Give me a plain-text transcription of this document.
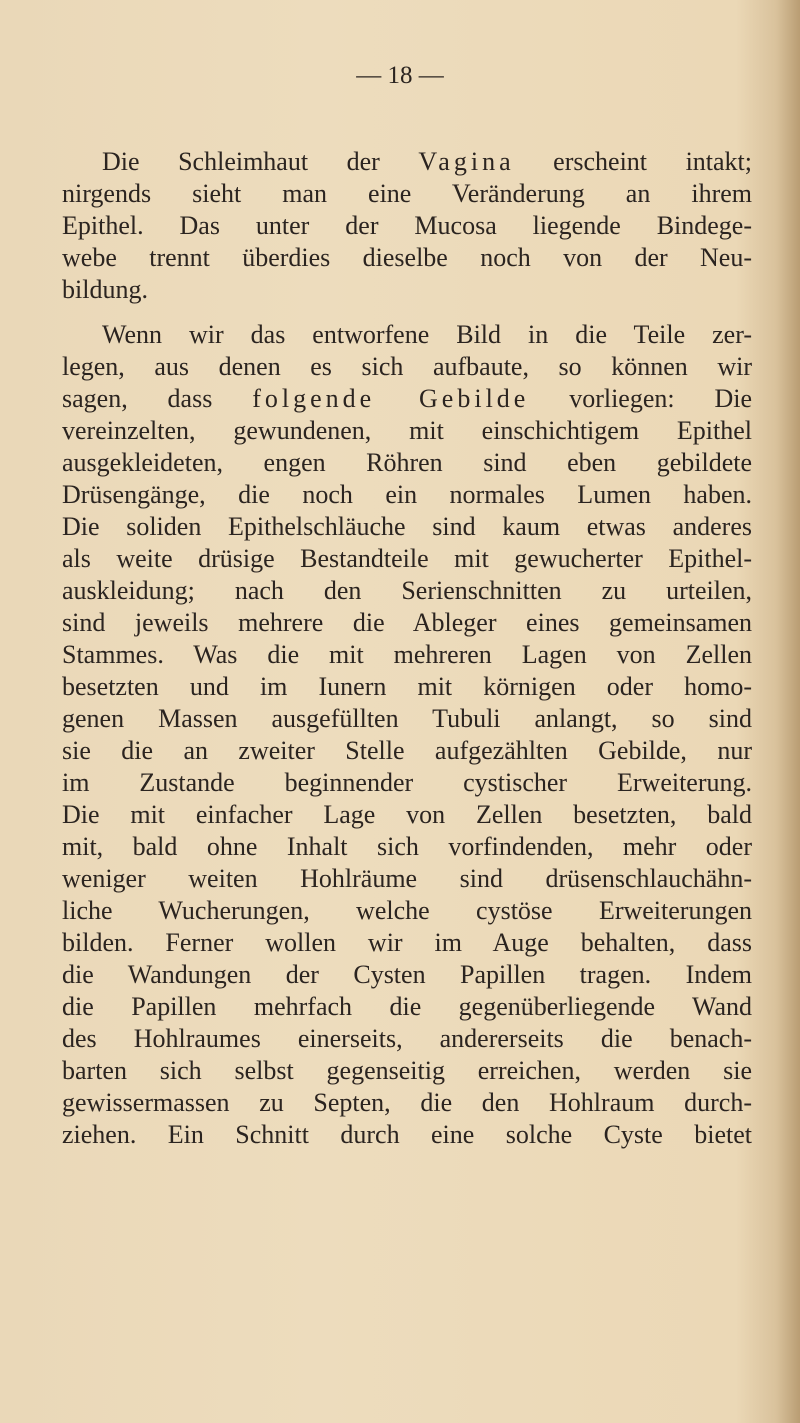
— 18 —
Die Schleimhaut der Vagina erscheint intakt;
nirgends sieht man eine Veränderung an ihrem
Epithel. Das unter der Mucosa liegende Bindege-
webe trennt überdies dieselbe noch von der Neu-
bildung.
Wenn wir das entworfene Bild in die Teile zer-
legen, aus denen es sich aufbaute, so können wir
sagen, dass folgende Gebilde vorliegen: Die
vereinzelten, gewundenen, mit einschichtigem Epithel
ausgekleideten, engen Röhren sind eben gebildete
Drüsengänge, die noch ein normales Lumen haben.
Die soliden Epithelschläuche sind kaum etwas anderes
als weite drüsige Bestandteile mit gewucherter Epithel-
auskleidung; nach den Serienschnitten zu urteilen,
sind jeweils mehrere die Ableger eines gemeinsamen
Stammes. Was die mit mehreren Lagen von Zellen
besetzten und im Iunern mit körnigen oder homo-
genen Massen ausgefüllten Tubuli anlangt, so sind
sie die an zweiter Stelle aufgezählten Gebilde, nur
im Zustande beginnender cystischer Erweiterung.
Die mit einfacher Lage von Zellen besetzten, bald
mit, bald ohne Inhalt sich vorfindenden, mehr oder
weniger weiten Hohlräume sind drüsenschlauchähn-
liche Wucherungen, welche cystöse Erweiterungen
bilden. Ferner wollen wir im Auge behalten, dass
die Wandungen der Cysten Papillen tragen. Indem
die Papillen mehrfach die gegenüberliegende Wand
des Hohlraumes einerseits, andererseits die benach-
barten sich selbst gegenseitig erreichen, werden sie
gewissermassen zu Septen, die den Hohlraum durch-
ziehen. Ein Schnitt durch eine solche Cyste bietet
